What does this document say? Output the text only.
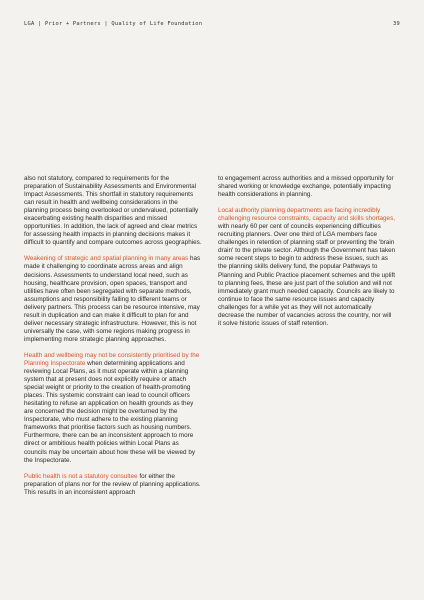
LGA | Prior + Partners | Quality of Life Foundation	39

also not statutory, compared to requirements for the preparation of Sustainability Assessments and Environmental Impact Assessments. This shortfall in statutory requirements can result in health and wellbeing considerations in the planning process being overlooked or undervalued, potentially exacerbating existing health disparities and missed opportunities. In addition, the lack of agreed and clear metrics for assessing health impacts in planning decisions makes it difficult to quantify and compare outcomes across geographies.

Weakening of strategic and spatial planning in many areas has made it challenging to coordinate across areas and align decisions. Assessments to understand local need, such as housing, healthcare provision, open spaces, transport and utilities have often been segregated with separate methods, assumptions and responsibility falling to different teams or delivery partners. This process can be resource intensive, may result in duplication and can make it difficult to plan for and deliver necessary strategic infrastructure. However, this is not universally the case, with some regions making progress in implementing more strategic planning approaches.

Health and wellbeing may not be consistently prioritised by the Planning Inspectorate when determining applications and reviewing Local Plans, as it must operate within a planning system that at present does not explicitly require or attach special weight or priority to the creation of health-promoting places. This systemic constraint can lead to council officers hesitating to refuse an application on health grounds as they are concerned the decision might be overturned by the Inspectorate, who must adhere to the existing planning frameworks that prioritise factors such as housing numbers. Furthermore, there can be an inconsistent approach to more direct or ambitious health policies within Local Plans as councils may be uncertain about how these will be viewed by the Inspectorate.

Public health is not a statutory consultee for either the preparation of plans nor for the review of planning applications. This results in an inconsistent approach

to engagement across authorities and a missed opportunity for shared working or knowledge exchange, potentially impacting health considerations in planning.

Local authority planning departments are facing incredibly challenging resource constraints, capacity and skills shortages, with nearly 60 per cent of councils experiencing difficulties recruiting planners. Over one third of LGA members face challenges in retention of planning staff or preventing the 'brain drain' to the private sector. Although the Government has taken some recent steps to begin to address these issues, such as the planning skills delivery fund, the popular Pathways to Planning and Public Practice placement schemes and the uplift to planning fees, these are just part of the solution and will not immediately grant much needed capacity. Councils are likely to continue to face the same resource issues and capacity challenges for a while yet as they will not automatically decrease the number of vacancies across the country, nor will it solve historic issues of staff retention.
